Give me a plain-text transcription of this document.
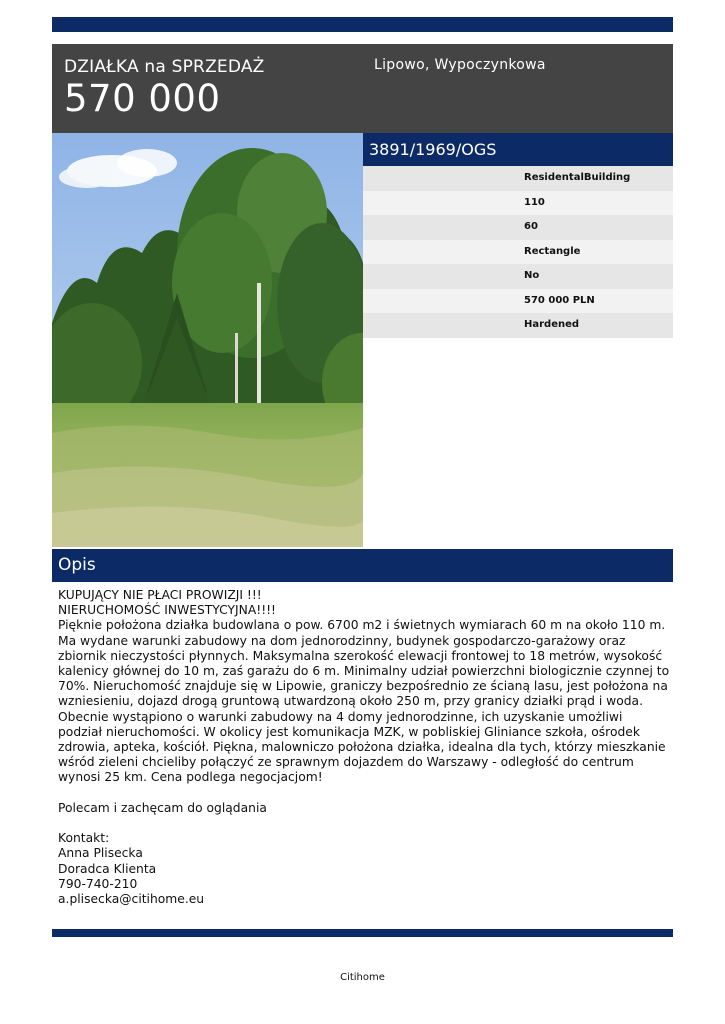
DZIAŁKA na SPRZEDAŻ
570 000
Lipowo, Wypoczynkowa
3891/1969/OGS
ResidentalBuilding
110
60
Rectangle
No
570 000 PLN
Hardened
Opis

KUPUJĄCY NIE PŁACI PROWIZJI !!!

NIERUCHOMOŚĆ INWESTYCYJNA!!!!

Pięknie położona działka budowlana o pow. 6700 m2 i świetnych wymiarach 60 m na około 110 m. Ma wydane warunki zabudowy na dom jednorodzinny, budynek gospodarczo-garażowy oraz zbiornik nieczystości płynnych. Maksymalna szerokość elewacji frontowej to 18 metrów, wysokość kalenicy głównej do 10 m, zaś garażu do 6 m. Minimalny udział powierzchni biologicznie czynnej to 70%. Nieruchomość znajduje się w Lipowie, graniczy bezpośrednio ze ścianą lasu, jest położona na wzniesieniu, dojazd drogą gruntową utwardzoną około 250 m, przy granicy działki prąd i woda. Obecnie wystąpiono o warunki zabudowy na 4 domy jednorodzinne, ich uzyskanie umożliwi podział nieruchomości. W okolicy jest komunikacja MZK, w pobliskiej Gliniance szkoła, ośrodek zdrowia, apteka, kościół. Piękna, malowniczo położona działka, idealna dla tych, którzy mieszkanie wśród zieleni chcieliby połączyć ze sprawnym dojazdem do Warszawy - odległość do centrum wynosi 25 km. Cena podlega negocjacjom!

Polecam i zachęcam do oglądania

Kontakt:

Anna Plisecka

Doradca Klienta

790-740-210

a.plisecka@citihome.eu

Citihome
